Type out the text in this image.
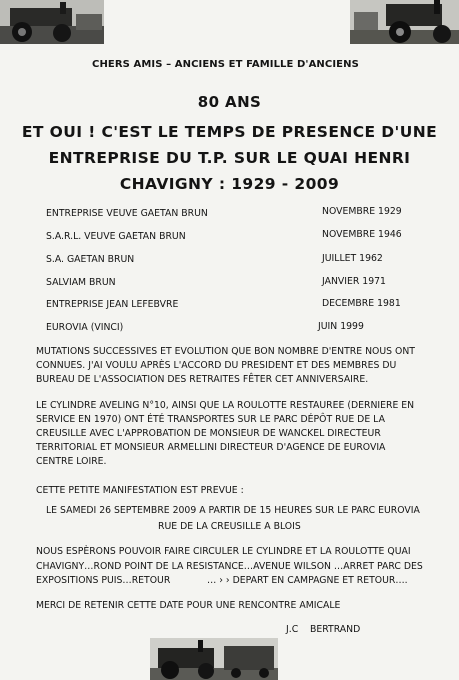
CHERS AMIS – ANCIENS ET FAMILLE D'ANCIENS
80 ANS
ET OUI ! C'EST LE TEMPS DE PRESENCE D'UNE
ENTREPRISE DU T.P. SUR LE QUAI HENRI
CHAVIGNY : 1929 - 2009
ENTREPRISE VEUVE GAETAN BRUN	NOVEMBRE 1929
S.A.R.L. VEUVE GAETAN BRUN	NOVEMBRE 1946
S.A. GAETAN BRUN	JUILLET 1962
SALVIAM BRUN	JANVIER 1971
ENTREPRISE JEAN LEFEBVRE	DECEMBRE 1981
EUROVIA (VINCI)	JUIN 1999
MUTATIONS SUCCESSIVES ET EVOLUTION QUE BON NOMBRE D'ENTRE NOUS ONT
CONNUES. J'AI VOULU APRÈS L'ACCORD DU PRESIDENT ET DES MEMBRES DU
BUREAU DE L'ASSOCIATION DES RETRAITES FÊTER CET ANNIVERSAIRE.
LE CYLINDRE AVELING N°10, AINSI QUE LA ROULOTTE RESTAUREE (DERNIERE EN
SERVICE EN 1970) ONT ÉTÉ TRANSPORTES SUR LE PARC DÉPÔT RUE DE LA
CREUSILLE AVEC L'APPROBATION DE MONSIEUR DE WANCKEL DIRECTEUR
TERRITORIAL ET MONSIEUR ARMELLINI DIRECTEUR D'AGENCE DE EUROVIA
CENTRE LOIRE.
CETTE PETITE MANIFESTATION EST PREVUE :
LE SAMEDI 26 SEPTEMBRE 2009 A PARTIR DE 15 HEURES SUR LE PARC EUROVIA
RUE DE LA CREUSILLE A BLOIS
NOUS ESPÈRONS POUVOIR FAIRE CIRCULER LE CYLINDRE ET LA ROULOTTE QUAI
CHAVIGNY…ROND POINT DE LA RESISTANCE…AVENUE WILSON …ARRET PARC DES
EXPOSITIONS PUIS…RETOUR	… › › DEPART EN CAMPAGNE ET RETOUR….
MERCI DE RETENIR CETTE DATE POUR UNE RENCONTRE AMICALE
J.C    BERTRAND
